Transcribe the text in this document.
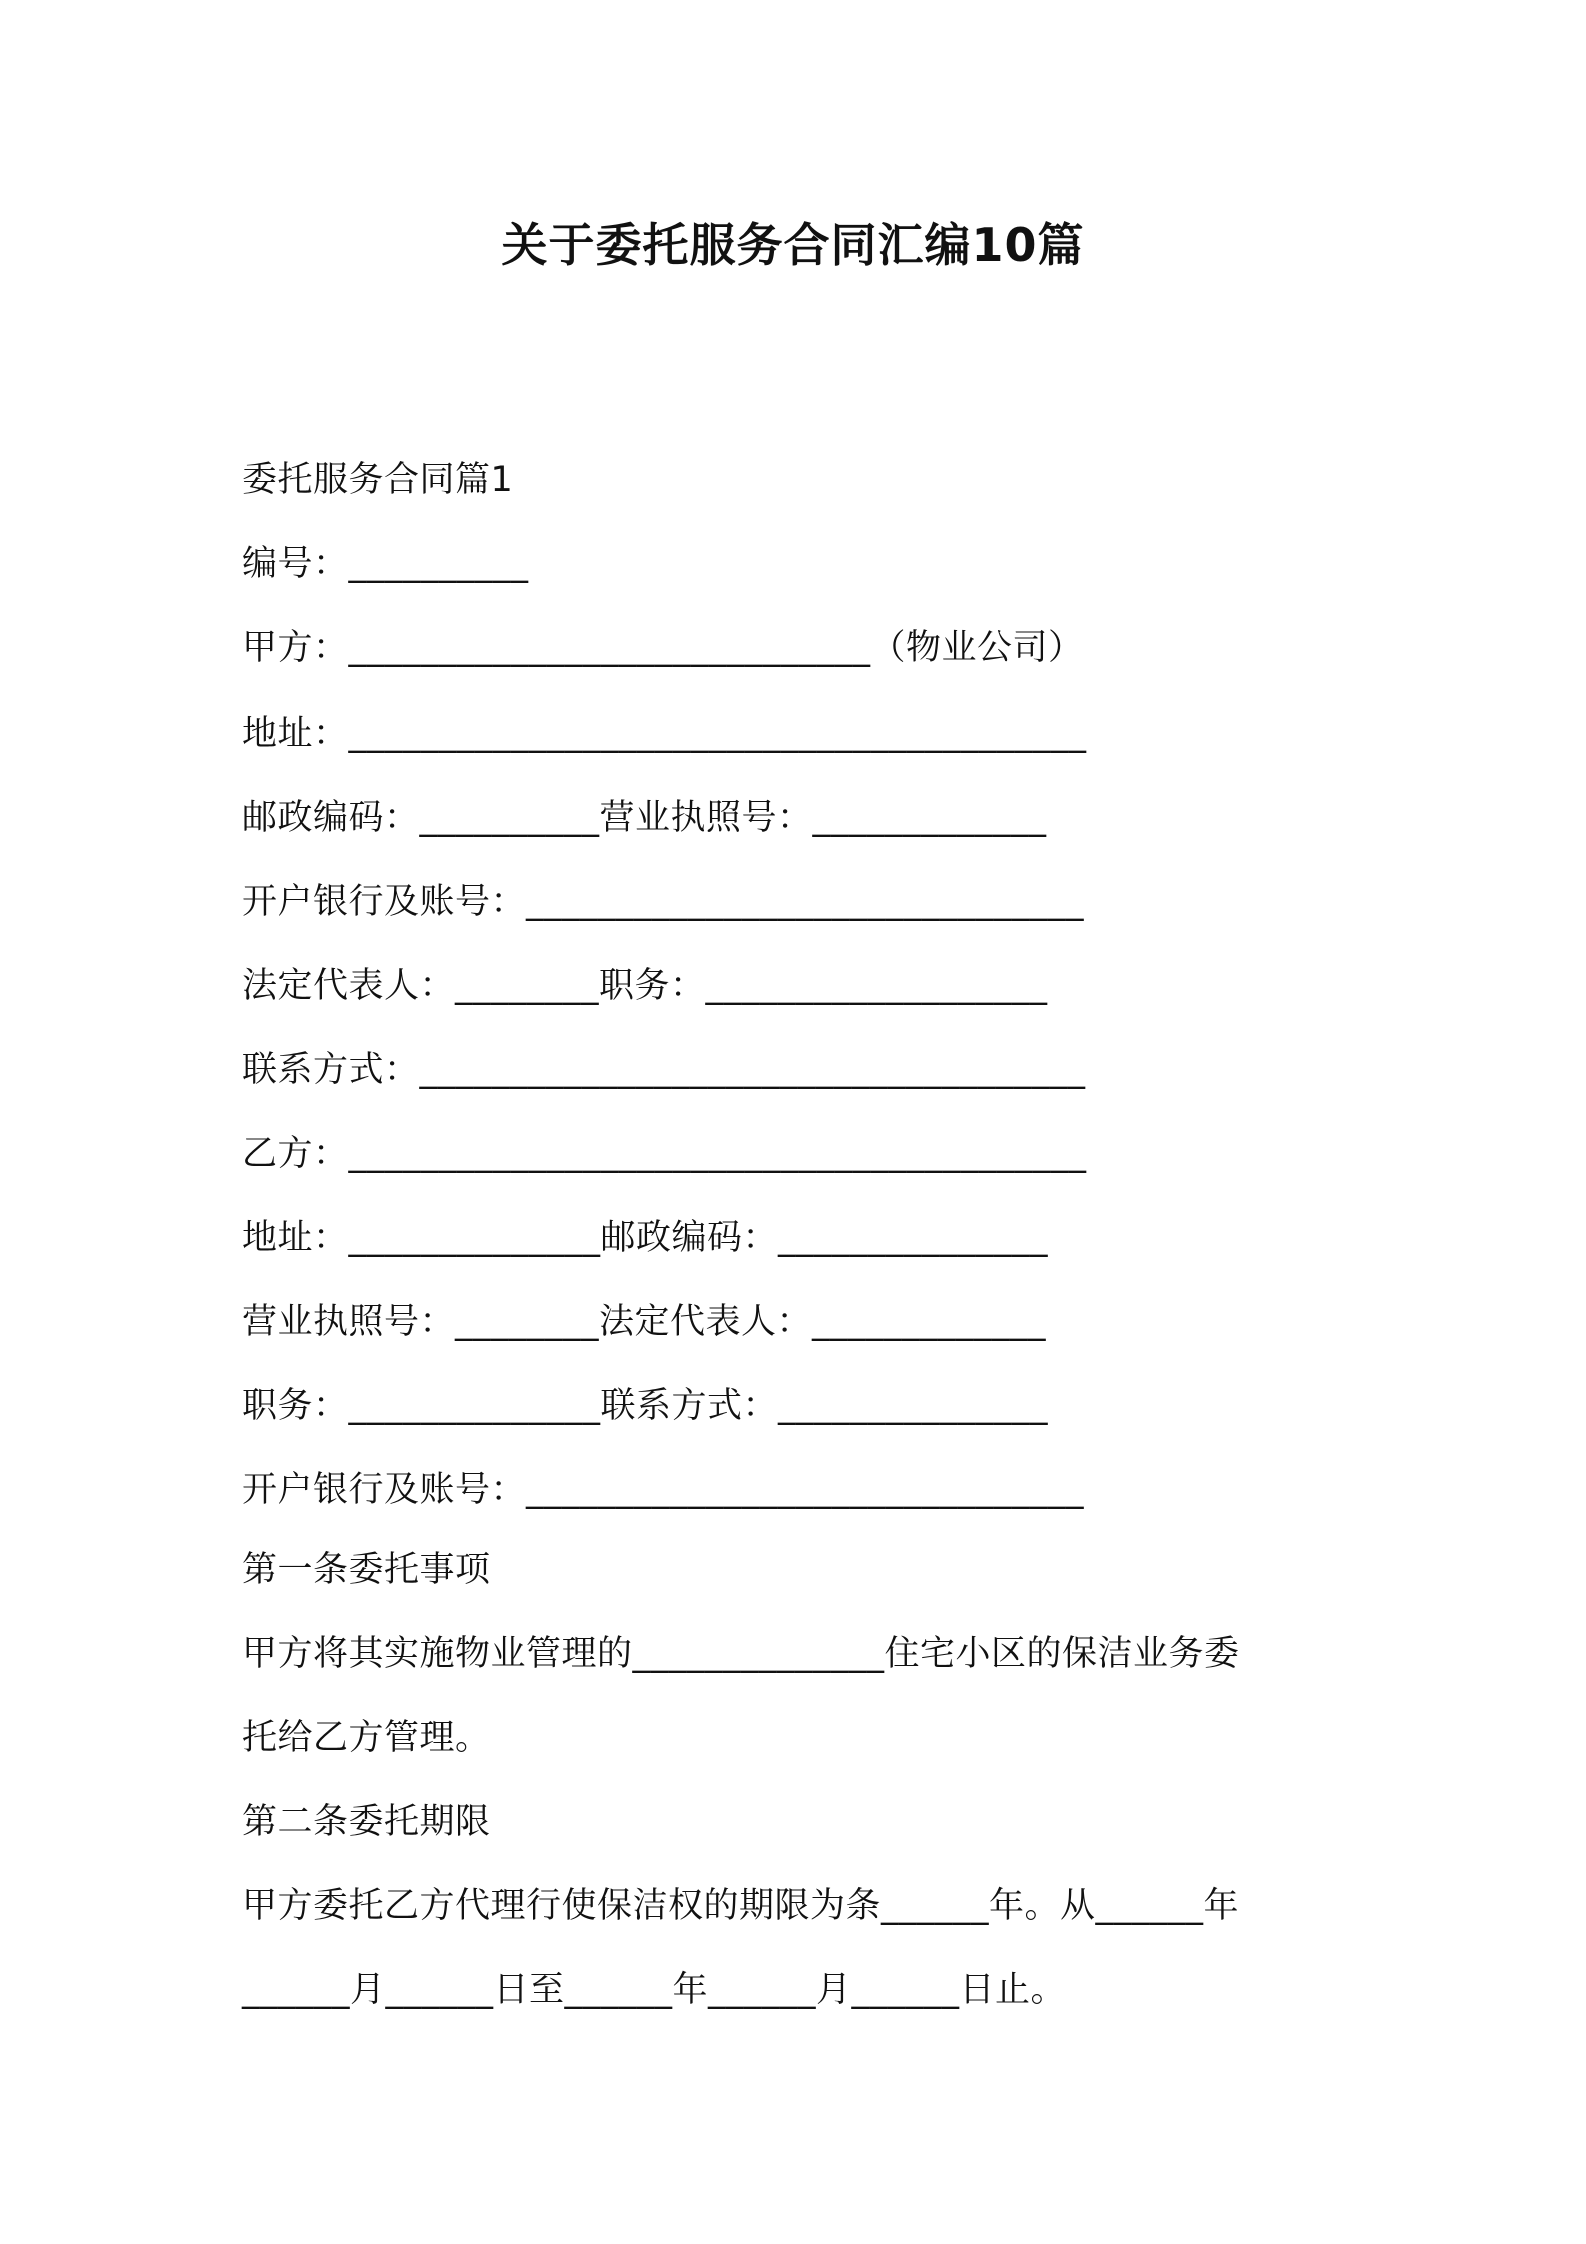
关于委托服务合同汇编10篇
委托服务合同篇1
编号：__________
甲方：_____________________________（物业公司）
地址：_________________________________________
邮政编码：__________营业执照号：_____________
开户银行及账号：_______________________________
法定代表人：________职务：___________________
联系方式：_____________________________________
乙方：_________________________________________
地址：______________邮政编码：_______________
营业执照号：________法定代表人：_____________
职务：______________联系方式：_______________
开户银行及账号：_______________________________
第一条委托事项
甲方将其实施物业管理的______________住宅小区的保洁业务委
托给乙方管理。
第二条委托期限
甲方委托乙方代理行使保洁权的期限为条______年。从______年
______月______日至______年______月______日止。
